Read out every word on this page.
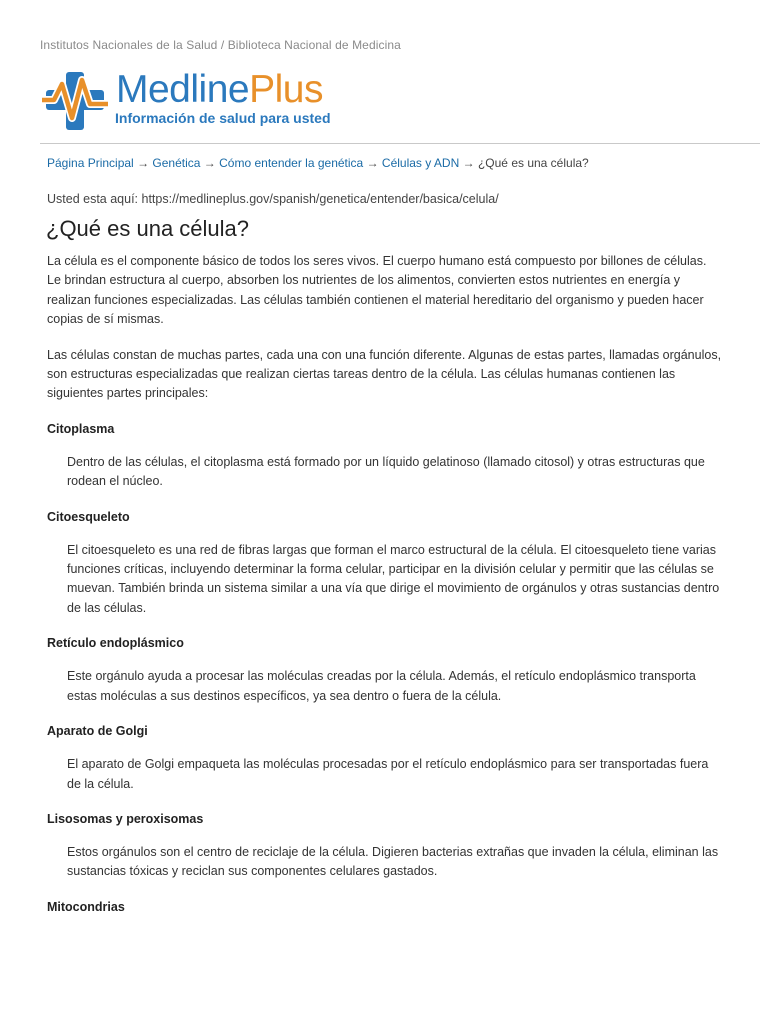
Institutos Nacionales de la Salud / Biblioteca Nacional de Medicina
MedlinePlus
Información de salud para usted
Página Principal → Genética → Cómo entender la genética → Células y ADN → ¿Qué es una célula?
Usted esta aquí: https://medlineplus.gov/spanish/genetica/entender/basica/celula/
¿Qué es una célula?

La célula es el componente básico de todos los seres vivos. El cuerpo humano está compuesto por billones de células. Le brindan estructura al cuerpo, absorben los nutrientes de los alimentos, convierten estos nutrientes en energía y realizan funciones especializadas. Las células también contienen el material hereditario del organismo y pueden hacer copias de sí mismas.

Las células constan de muchas partes, cada una con una función diferente. Algunas de estas partes, llamadas orgánulos, son estructuras especializadas que realizan ciertas tareas dentro de la célula. Las células humanas contienen las siguientes partes principales:

Citoplasma
Dentro de las células, el citoplasma está formado por un líquido gelatinoso (llamado citosol) y otras estructuras que rodean el núcleo.
Citoesqueleto
El citoesqueleto es una red de fibras largas que forman el marco estructural de la célula. El citoesqueleto tiene varias funciones críticas, incluyendo determinar la forma celular, participar en la división celular y permitir que las células se muevan. También brinda un sistema similar a una vía que dirige el movimiento de orgánulos y otras sustancias dentro de las células.
Retículo endoplásmico
Este orgánulo ayuda a procesar las moléculas creadas por la célula. Además, el retículo endoplásmico transporta estas moléculas a sus destinos específicos, ya sea dentro o fuera de la célula.
Aparato de Golgi
El aparato de Golgi empaqueta las moléculas procesadas por el retículo endoplásmico para ser transportadas fuera de la célula.
Lisosomas y peroxisomas
Estos orgánulos son el centro de reciclaje de la célula. Digieren bacterias extrañas que invaden la célula, eliminan las sustancias tóxicas y reciclan sus componentes celulares gastados.
Mitocondrias
